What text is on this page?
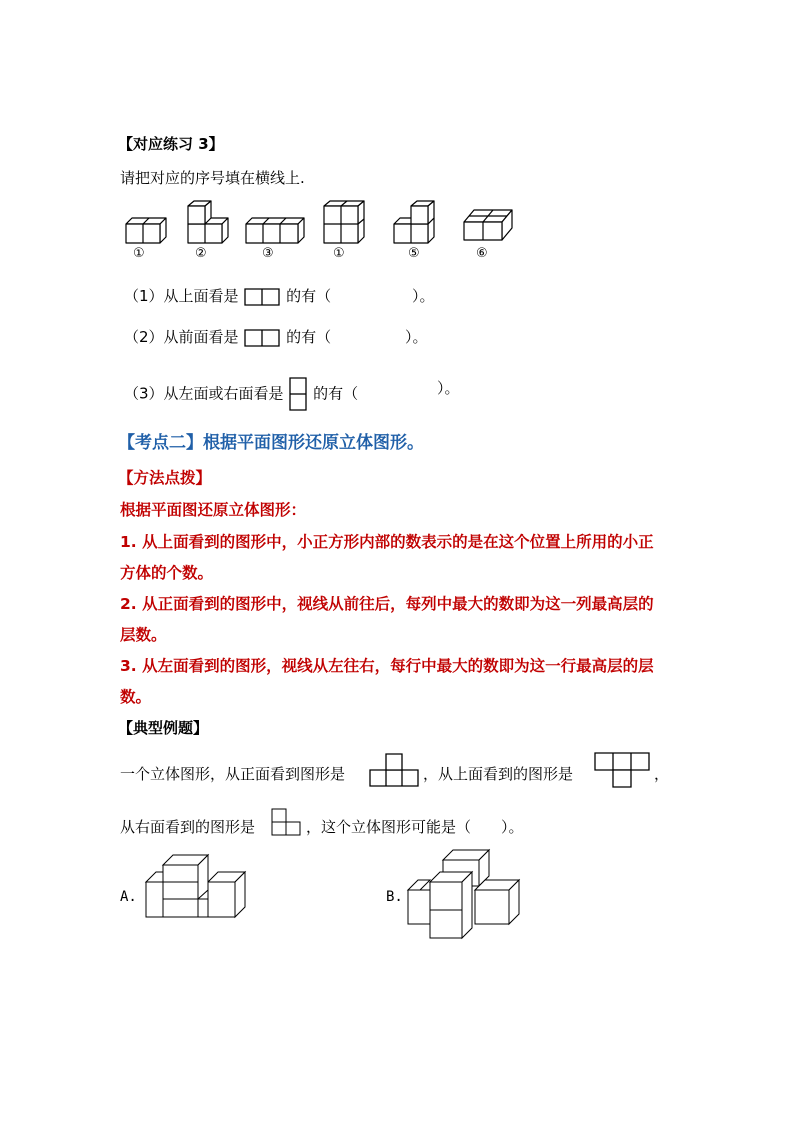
【对应练习 3】
请把对应的序号填在横线上.
①	②	③	①	⑤	⑥
（1）从上面看是	的有（	）。
（2）从前面看是	的有（	）。
（3）从左面或右面看是 的有（	）。
【考点二】根据平面图形还原立体图形。
【方法点拨】
根据平面图还原立体图形：
1. 从上面看到的图形中，小正方形内部的数表示的是在这个位置上所用的小正
方体的个数。
2. 从正面看到的图形中，视线从前往后，每列中最大的数即为这一列最高层的
层数。
3. 从左面看到的图形，视线从左往右，每行中最大的数即为这一行最高层的层
数。
【典型例题】
一个立体图形，从正面看到图形是	，从上面看到的图形是	，
从右面看到的图形是	，这个立体图形可能是（　　）。
A.	B.
